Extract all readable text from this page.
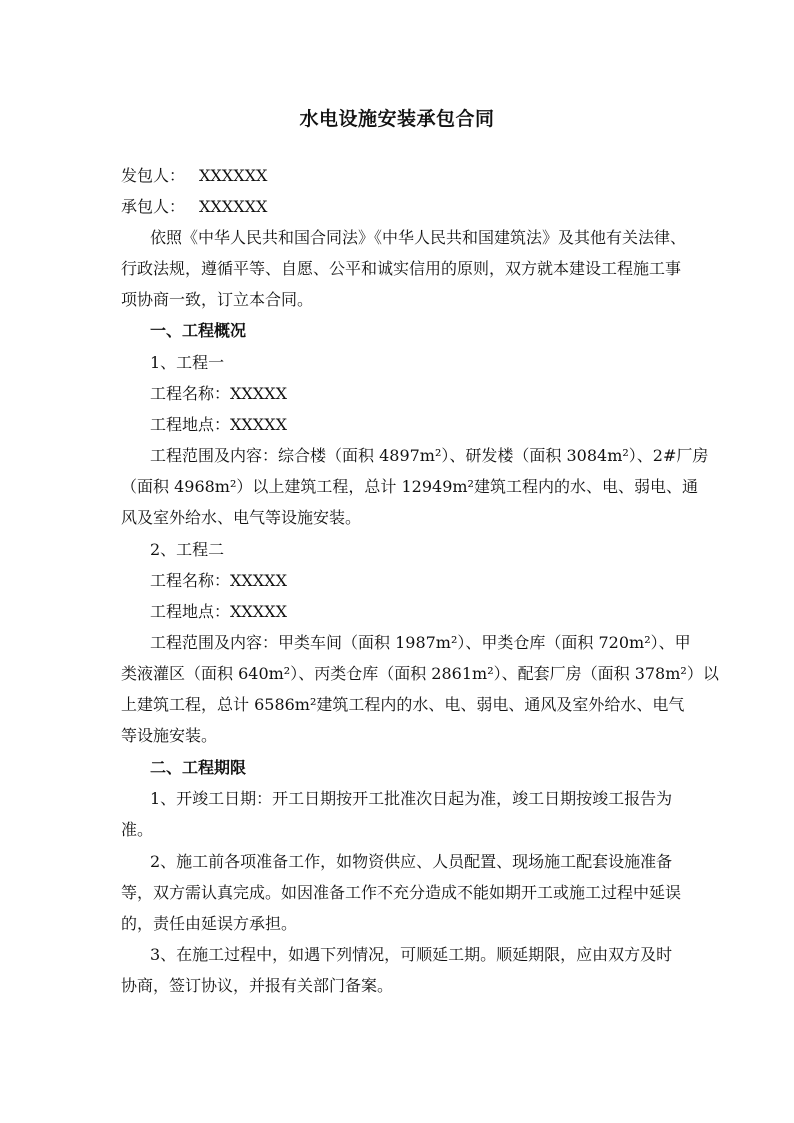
水电设施安装承包合同

发包人： XXXXXX

承包人： XXXXXX

依照《中华人民共和国合同法》《中华人民共和国建筑法》及其他有关法律、

行政法规，遵循平等、自愿、公平和诚实信用的原则，双方就本建设工程施工事

项协商一致，订立本合同。

一、工程概况

1、工程一

工程名称：XXXXX

工程地点：XXXXX

工程范围及内容：综合楼（面积 4897m²）、研发楼（面积 3084m²）、2#厂房

（面积 4968m²）以上建筑工程，总计 12949m²建筑工程内的水、电、弱电、通

风及室外给水、电气等设施安装。

2、工程二

工程名称：XXXXX

工程地点：XXXXX

工程范围及内容：甲类车间（面积 1987m²）、甲类仓库（面积 720m²）、甲

类液灌区（面积 640m²）、丙类仓库（面积 2861m²）、配套厂房（面积 378m²）以

上建筑工程，总计 6586m²建筑工程内的水、电、弱电、通风及室外给水、电气

等设施安装。

二、工程期限

1、开竣工日期：开工日期按开工批准次日起为准，竣工日期按竣工报告为

准。

2、施工前各项准备工作，如物资供应、人员配置、现场施工配套设施准备

等，双方需认真完成。如因准备工作不充分造成不能如期开工或施工过程中延误

的，责任由延误方承担。

3、在施工过程中，如遇下列情况，可顺延工期。顺延期限，应由双方及时

协商，签订协议，并报有关部门备案。
